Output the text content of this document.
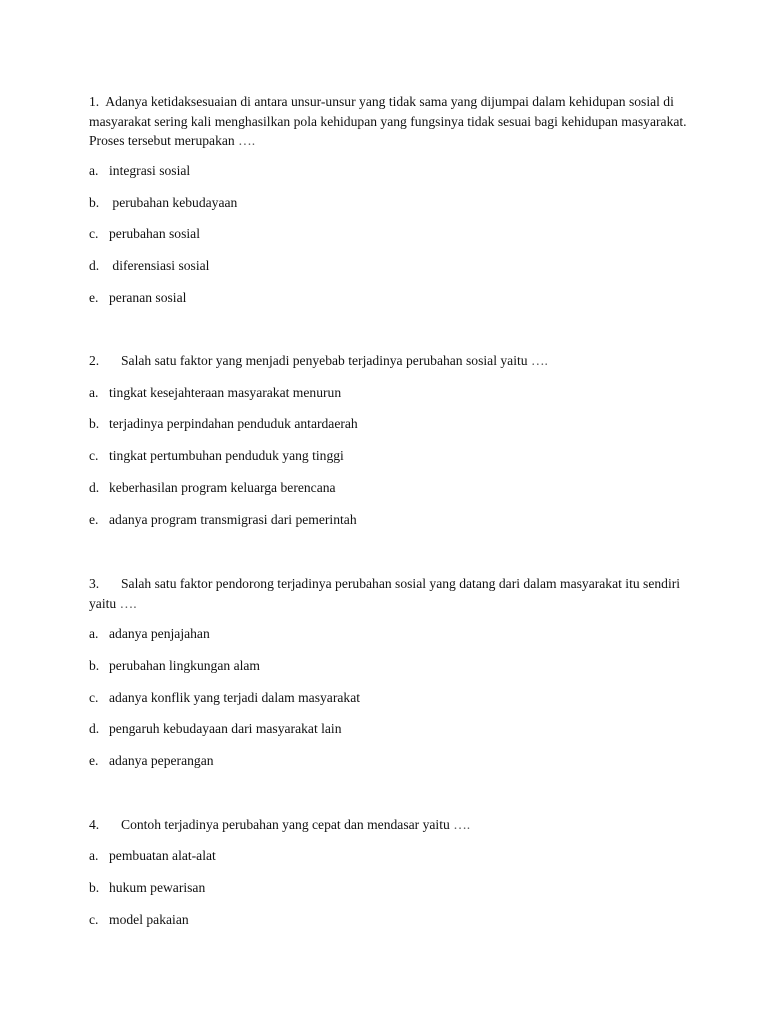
1. Adanya ketidaksesuaian di antara unsur-unsur yang tidak sama yang dijumpai dalam kehidupan sosial di masyarakat sering kali menghasilkan pola kehidupan yang fungsinya tidak sesuai bagi kehidupan masyarakat. Proses tersebut merupakan ….
a. integrasi sosial
b. perubahan kebudayaan
c. perubahan sosial
d. diferensiasi sosial
e. peranan sosial
2. Salah satu faktor yang menjadi penyebab terjadinya perubahan sosial yaitu ….
a. tingkat kesejahteraan masyarakat menurun
b. terjadinya perpindahan penduduk antardaerah
c. tingkat pertumbuhan penduduk yang tinggi
d. keberhasilan program keluarga berencana
e. adanya program transmigrasi dari pemerintah
3. Salah satu faktor pendorong terjadinya perubahan sosial yang datang dari dalam masyarakat itu sendiri yaitu ….
a. adanya penjajahan
b. perubahan lingkungan alam
c. adanya konflik yang terjadi dalam masyarakat
d. pengaruh kebudayaan dari masyarakat lain
e. adanya peperangan
4. Contoh terjadinya perubahan yang cepat dan mendasar yaitu ….
a. pembuatan alat-alat
b. hukum pewarisan
c. model pakaian
